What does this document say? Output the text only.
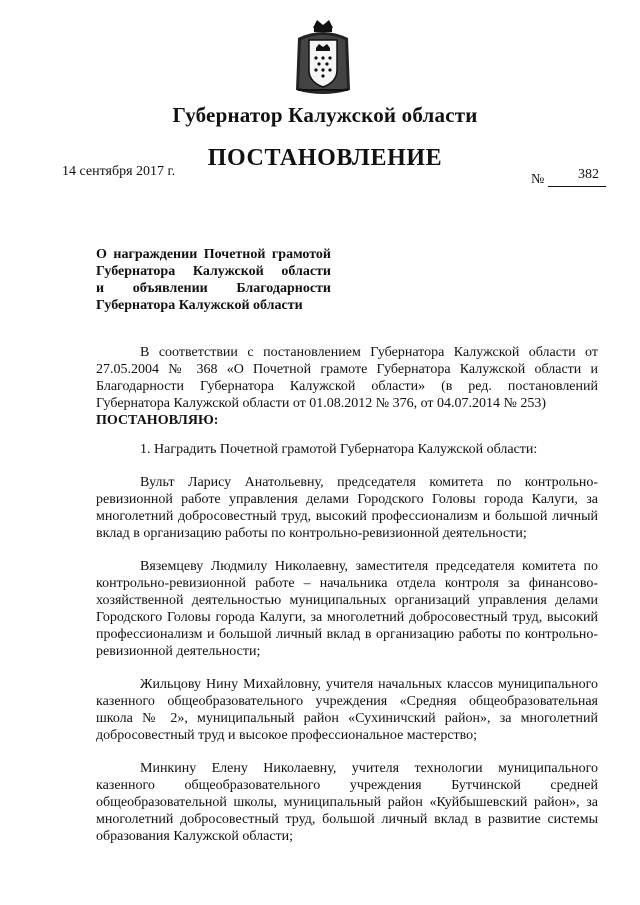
Губернатор Калужской области
ПОСТАНОВЛЕНИЕ
14 сентября 2017 г.
№ 382
О награждении Почетной грамотой
Губернатора Калужской области
и объявлении Благодарности
Губернатора Калужской области

В соответствии с постановлением Губернатора Калужской области от 27.05.2004 № 368 «О Почетной грамоте Губернатора Калужской области и Благодарности Губернатора Калужской области» (в ред. постановлений Губернатора Калужской области от 01.08.2012 № 376, от 04.07.2014 № 253)

ПОСТАНОВЛЯЮ:

1. Наградить Почетной грамотой Губернатора Калужской области:

Вульт Ларису Анатольевну, председателя комитета по контрольно-ревизионной работе управления делами Городского Головы города Калуги, за многолетний добросовестный труд, высокий профессионализм и большой личный вклад в организацию работы по контрольно-ревизионной деятельности;

Вяземцеву Людмилу Николаевну, заместителя председателя комитета по контрольно-ревизионной работе – начальника отдела контроля за финансово-хозяйственной деятельностью муниципальных организаций управления делами Городского Головы города Калуги, за многолетний добросовестный труд, высокий профессионализм и большой личный вклад в организацию работы по контрольно-ревизионной деятельности;

Жильцову Нину Михайловну, учителя начальных классов муниципального казенного общеобразовательного учреждения «Средняя общеобразовательная школа № 2», муниципальный район «Сухиничский район», за многолетний добросовестный труд и высокое профессиональное мастерство;

Минкину Елену Николаевну, учителя технологии муниципального казенного общеобразовательного учреждения Бутчинской средней общеобразовательной школы, муниципальный район «Куйбышевский район», за многолетний добросовестный труд, большой личный вклад в развитие системы образования Калужской области;
